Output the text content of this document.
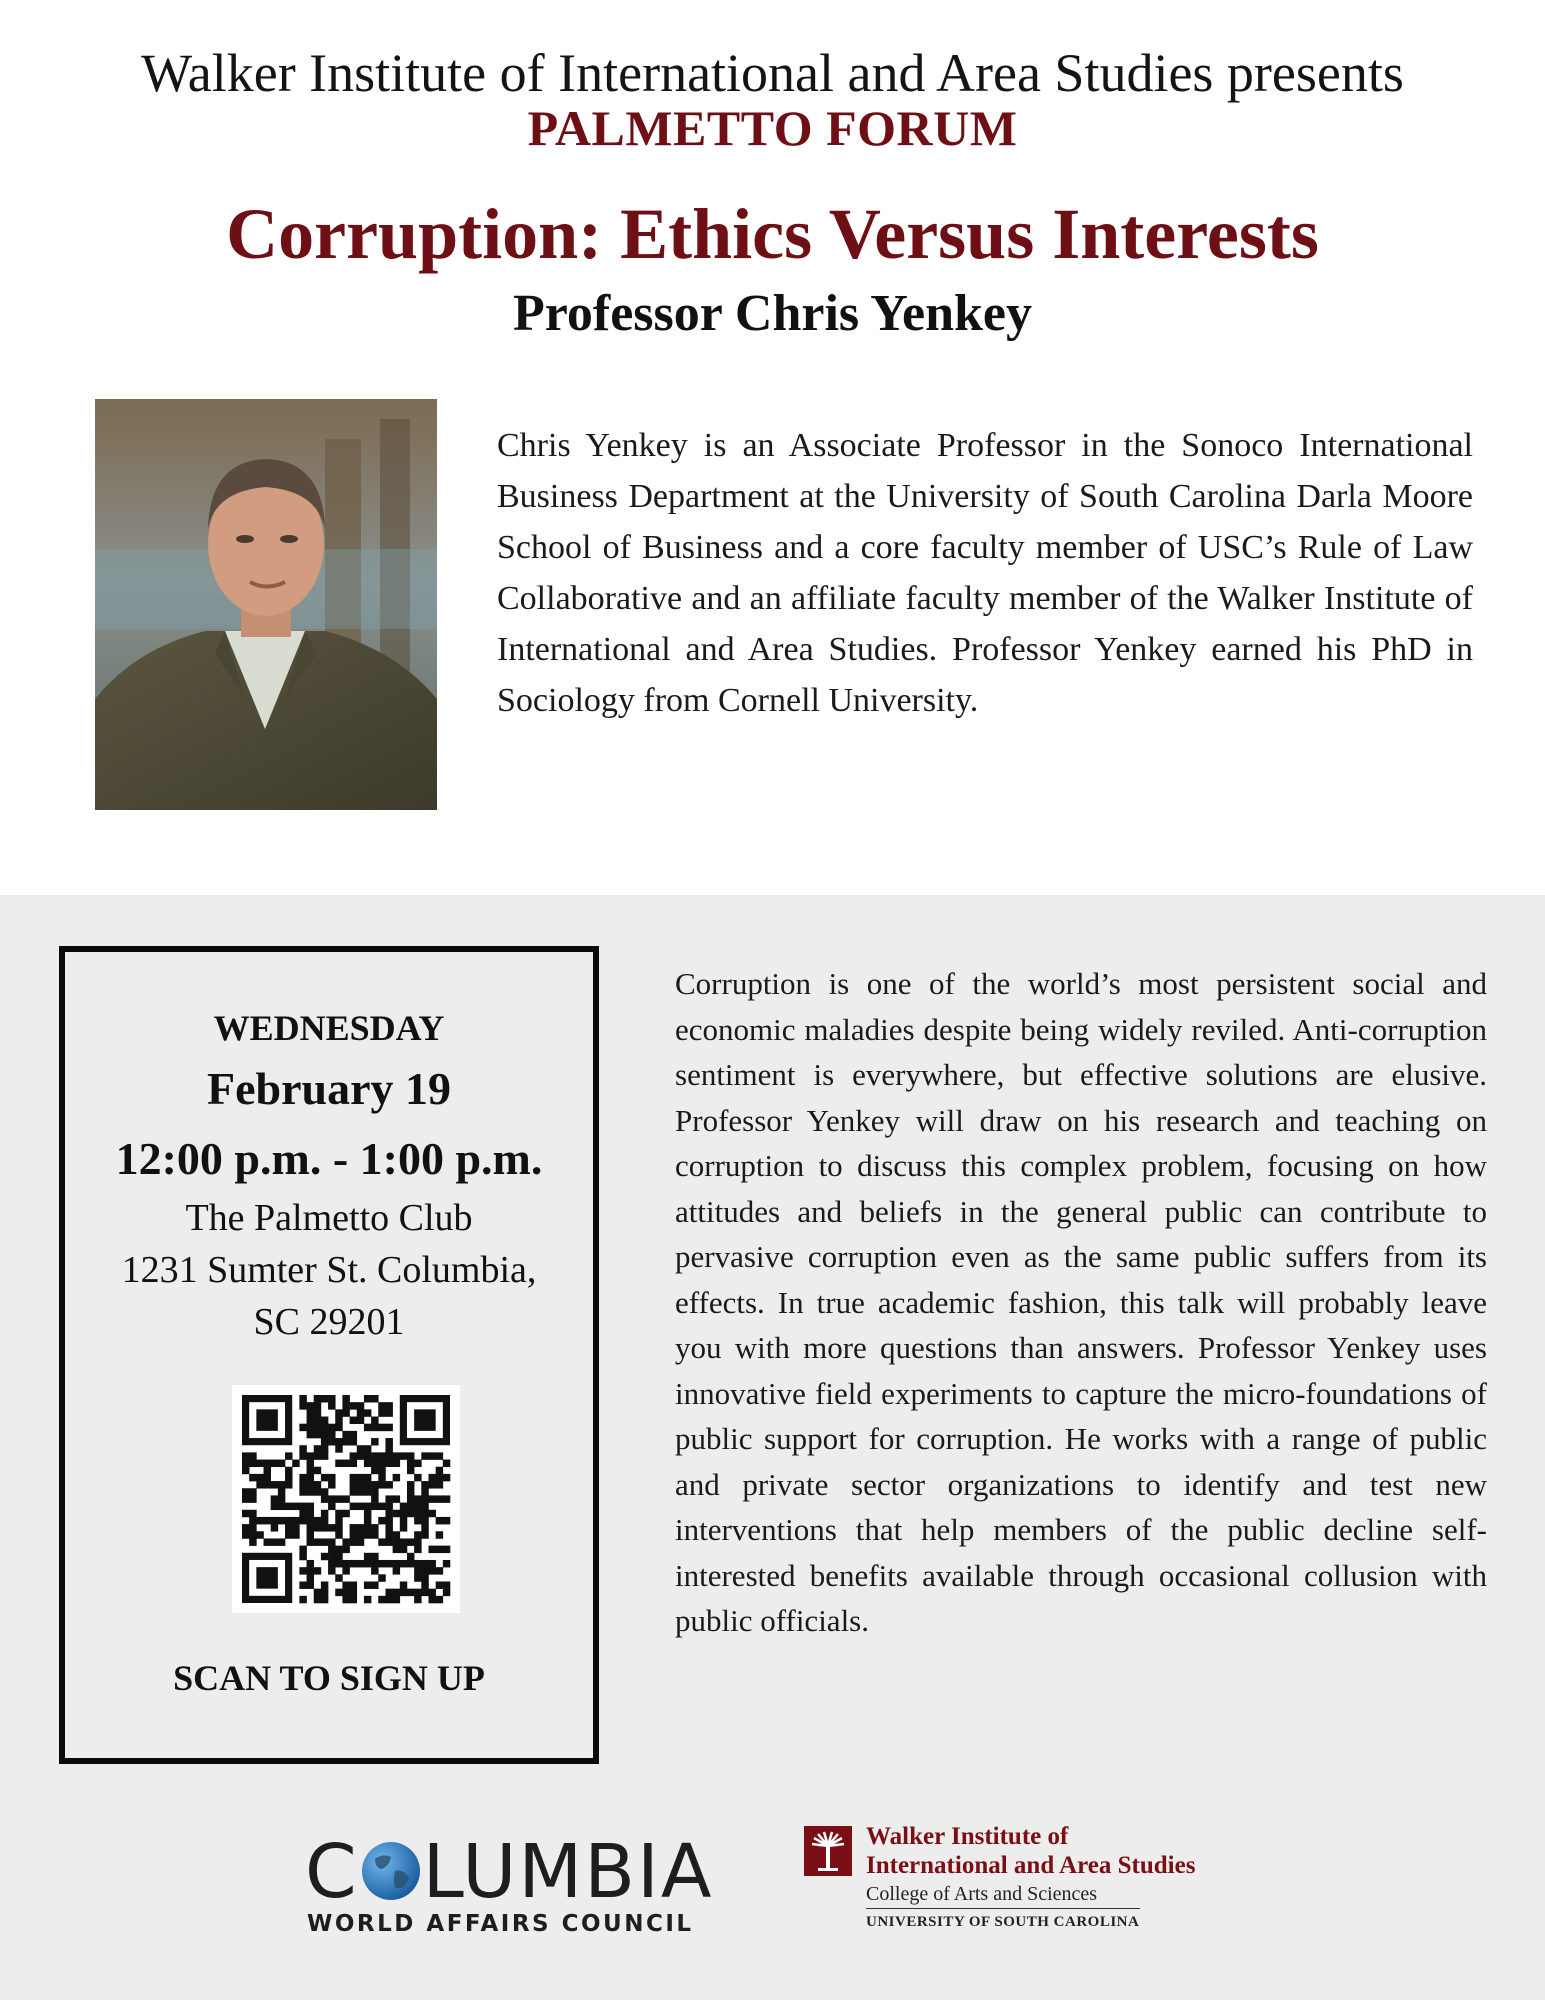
Walker Institute of International and Area Studies presents
PALMETTO FORUM
Corruption: Ethics Versus Interests
Professor Chris Yenkey
Chris Yenkey is an Associate Professor in the Sonoco International Business Department at the University of South Carolina Darla Moore School of Business and a core faculty member of USC’s Rule of Law Collaborative and an affiliate faculty member of the Walker Institute of International and Area Studies. Professor Yenkey earned his PhD in Sociology from Cornell University.
WEDNESDAY
February 19
12:00 p.m. - 1:00 p.m.
The Palmetto Club
1231 Sumter St. Columbia,
SC 29201
SCAN TO SIGN UP
Corruption is one of the world’s most persistent social and economic maladies despite being widely reviled. Anti-corruption sentiment is everywhere, but effective solutions are elusive. Professor Yenkey will draw on his research and teaching on corruption to discuss this complex problem, focusing on how attitudes and beliefs in the general public can contribute to pervasive corruption even as the same public suffers from its effects. In true academic fashion, this talk will probably leave you with more questions than answers. Professor Yenkey uses innovative field experiments to capture the micro-foundations of public support for corruption. He works with a range of public and private sector organizations to identify and test new interventions that help members of the public decline self-interested benefits available through occasional collusion with public officials.
C LUMBIA
WORLD AFFAIRS COUNCIL
Walker Institute of
International and Area Studies
College of Arts and Sciences
UNIVERSITY OF SOUTH CAROLINA
